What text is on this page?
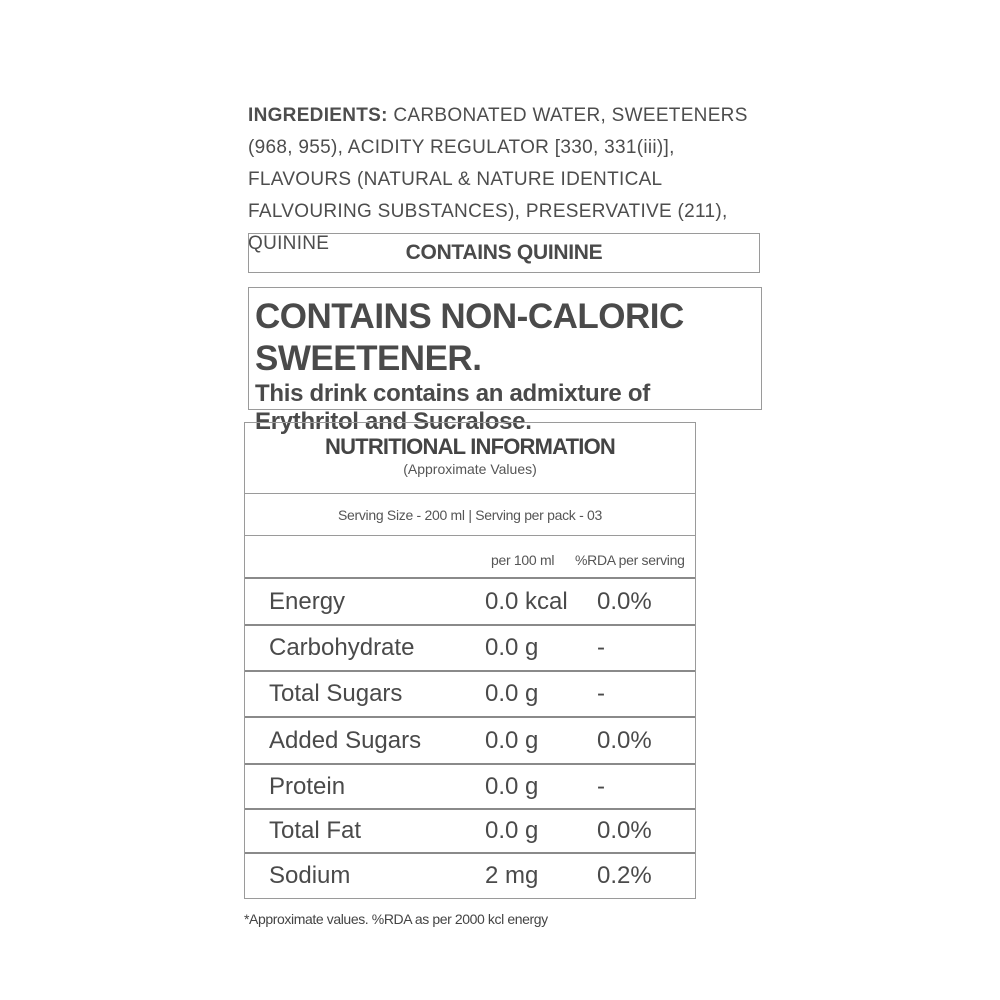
INGREDIENTS: CARBONATED WATER, SWEETENERS (968, 955), ACIDITY REGULATOR [330, 331(iii)], FLAVOURS (NATURAL & NATURE IDENTICAL FALVOURING SUBSTANCES), PRESERVATIVE (211), QUININE	CONTAINS QUININE
CONTAINS NON-CALORIC SWEETENER.
This drink contains an admixture of Erythritol and Sucralose.
NUTRITIONAL INFORMATION
(Approximate Values)
Serving Size - 200 ml | Serving per pack - 03
per 100 ml %RDA per serving
Energy	0.0 kcal 0.0%
Carbohydrate	0.0 g -
Total Sugars	0.0 g -
Added Sugars	0.0 g 0.0%
Protein	0.0 g -
Total Fat	0.0 g 0.0%
Sodium	2 mg 0.2%
*Approximate values. %RDA as per 2000 kcl energy
